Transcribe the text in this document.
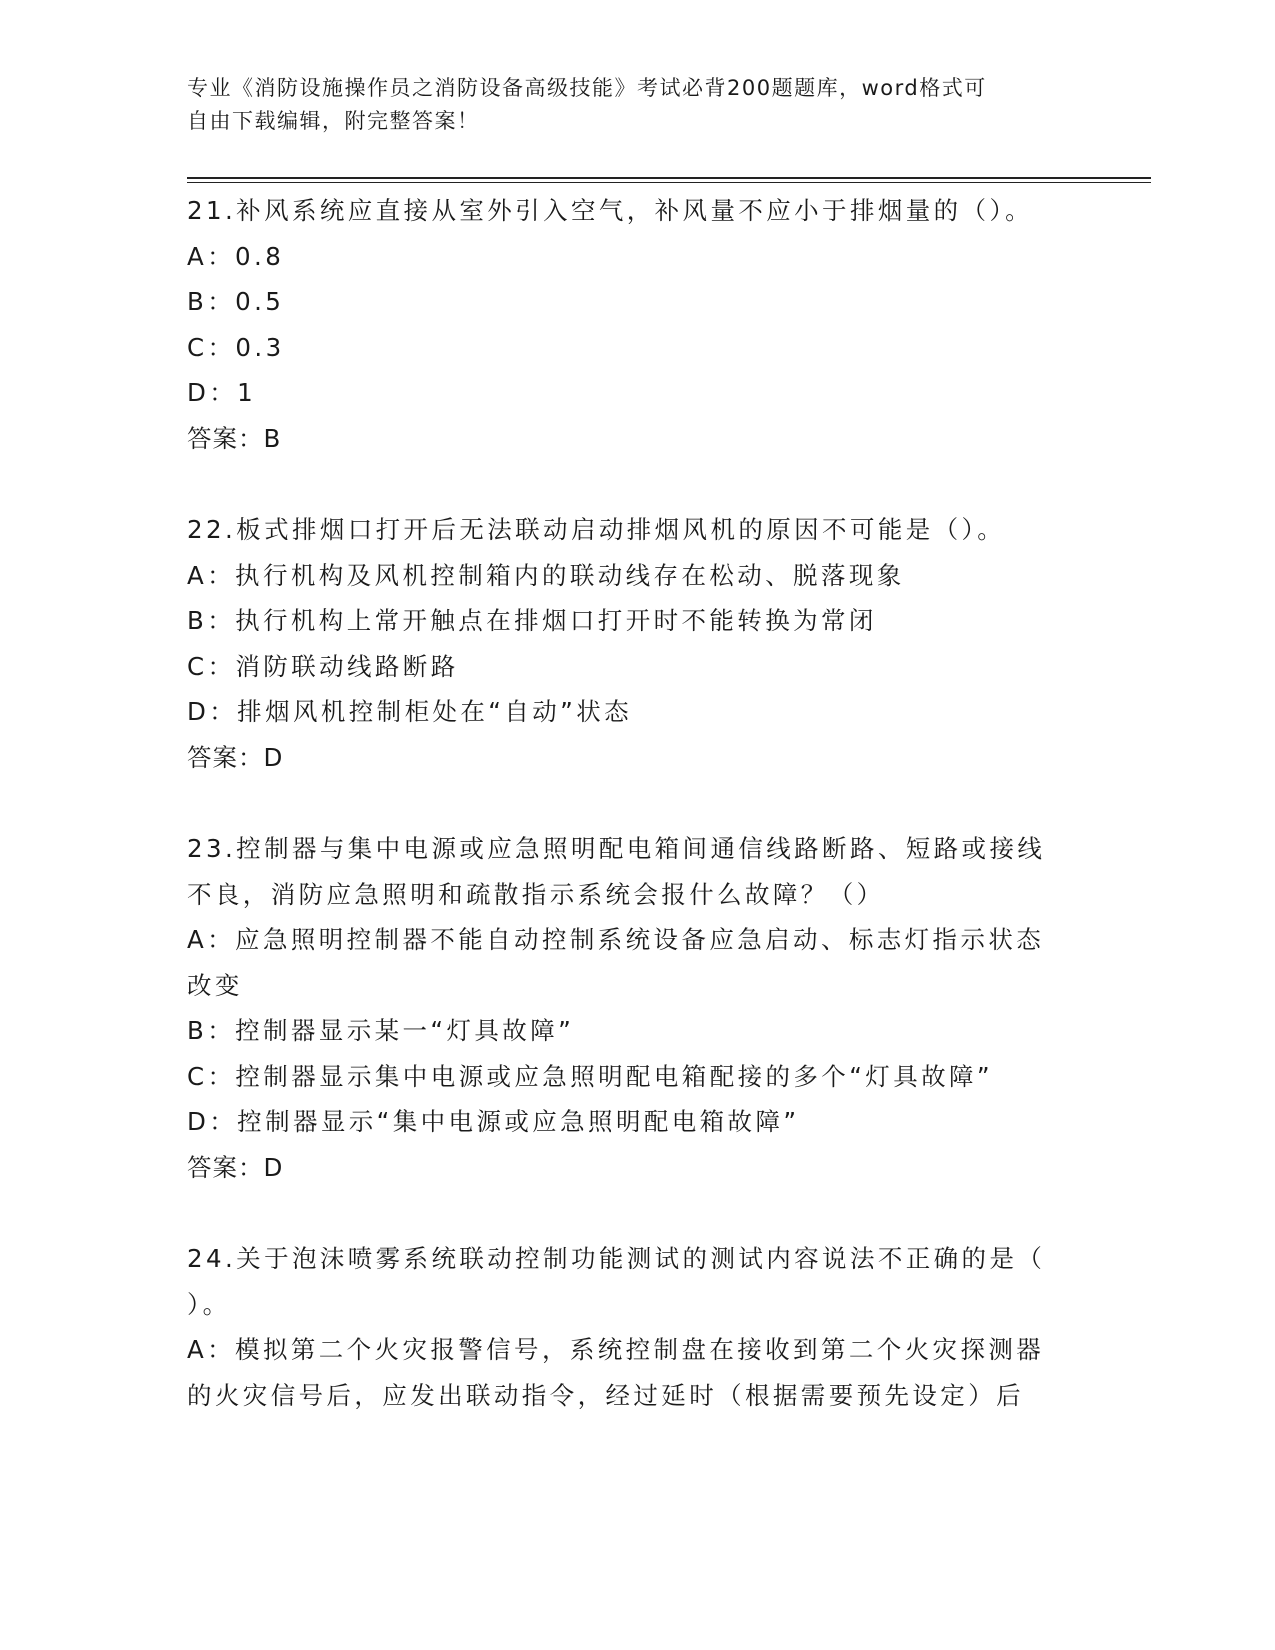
专业《消防设施操作员之消防设备高级技能》考试必背200题题库，word格式可
自由下载编辑，附完整答案！
21.补风系统应直接从室外引入空气，补风量不应小于排烟量的（）。
A：0.8
B：0.5
C：0.3
D：1
答案：B
22.板式排烟口打开后无法联动启动排烟风机的原因不可能是（）。
A：执行机构及风机控制箱内的联动线存在松动、脱落现象
B：执行机构上常开触点在排烟口打开时不能转换为常闭
C：消防联动线路断路
D：排烟风机控制柜处在“自动”状态
答案：D
23.控制器与集中电源或应急照明配电箱间通信线路断路、短路或接线
不良，消防应急照明和疏散指示系统会报什么故障？（）
A：应急照明控制器不能自动控制系统设备应急启动、标志灯指示状态
改变
B：控制器显示某一“灯具故障”
C：控制器显示集中电源或应急照明配电箱配接的多个“灯具故障”
D：控制器显示“集中电源或应急照明配电箱故障”
答案：D
24.关于泡沫喷雾系统联动控制功能测试的测试内容说法不正确的是（
）。
A：模拟第二个火灾报警信号，系统控制盘在接收到第二个火灾探测器
的火灾信号后，应发出联动指令，经过延时（根据需要预先设定）后
